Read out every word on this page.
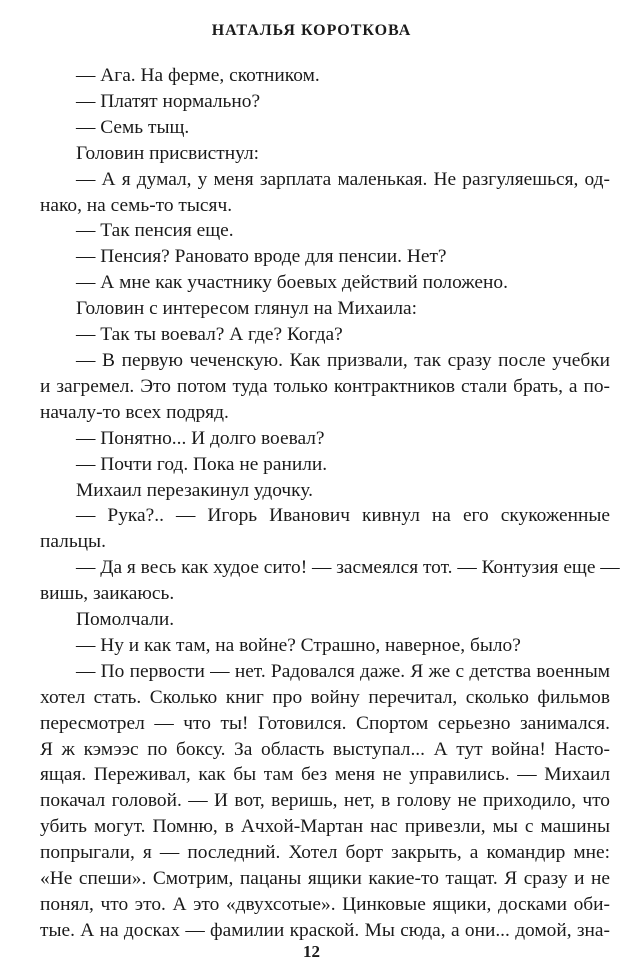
НАТАЛЬЯ КОРОТКОВА
— Ага. На ферме, скотником.
— Платят нормально?
— Семь тыщ.
Головин присвистнул:
— А я думал, у меня зарплата маленькая. Не разгуляешься, од-
нако, на семь-то тысяч.
— Так пенсия еще.
— Пенсия? Рановато вроде для пенсии. Нет?
— А мне как участнику боевых действий положено.
Головин с интересом глянул на Михаила:
— Так ты воевал? А где? Когда?
— В первую чеченскую. Как призвали, так сразу после учебки
и загремел. Это потом туда только контрактников стали брать, а по-
началу-то всех подряд.
— Понятно... И долго воевал?
— Почти год. Пока не ранили.
Михаил перезакинул удочку.
— Рука?.. — Игорь Иванович кивнул на его скукоженные
пальцы.
— Да я весь как худое сито! — засмеялся тот. — Контузия еще —
вишь, заикаюсь.
Помолчали.
— Ну и как там, на войне? Страшно, наверное, было?
— По первости — нет. Радовался даже. Я же с детства военным
хотел стать. Сколько книг про войну перечитал, сколько фильмов
пересмотрел — что ты! Готовился. Спортом серьезно занимался.
Я ж кэмээс по боксу. За область выступал... А тут война! Насто-
ящая. Переживал, как бы там без меня не управились. — Михаил
покачал головой. — И вот, веришь, нет, в голову не приходило, что
убить могут. Помню, в Ачхой-Мартан нас привезли, мы с машины
попрыгали, я — последний. Хотел борт закрыть, а командир мне:
«Не спеши». Смотрим, пацаны ящики какие-то тащат. Я сразу и не
понял, что это. А это «двухсотые». Цинковые ящики, досками оби-
тые. А на досках — фамилии краской. Мы сюда, а они... домой, зна-
12
